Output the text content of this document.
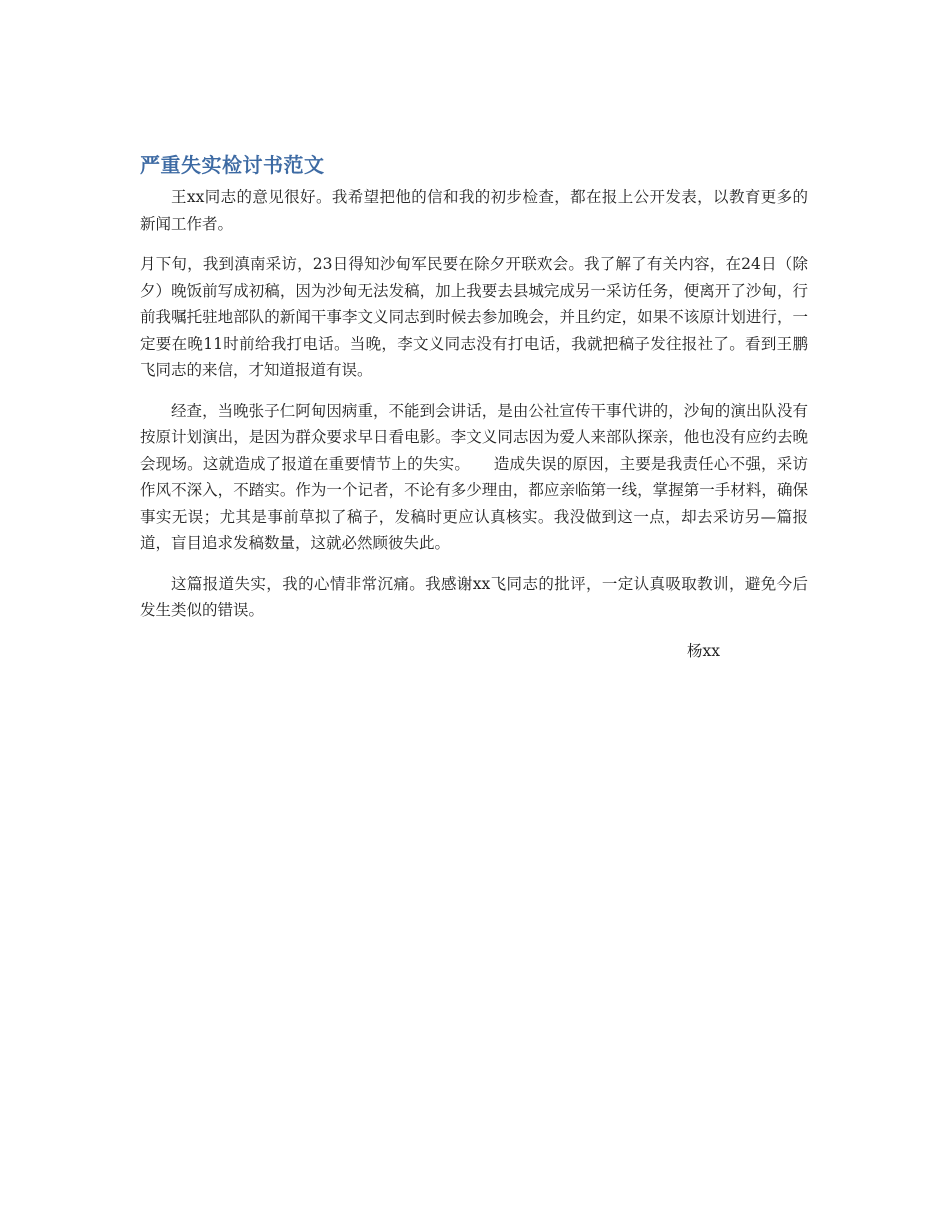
严重失实检讨书范文

王xx同志的意见很好。我希望把他的信和我的初步检查，都在报上公开发表，以教育更多的新闻工作者。

月下旬，我到滇南采访，23日得知沙甸军民要在除夕开联欢会。我了解了有关内容，在24日（除夕）晚饭前写成初稿，因为沙甸无法发稿，加上我要去县城完成另一采访任务，便离开了沙甸，行前我嘱托驻地部队的新闻干事李文义同志到时候去参加晚会，并且约定，如果不该原计划进行，一定要在晚11时前给我打电话。当晚，李文义同志没有打电话，我就把稿子发往报社了。看到王鹏飞同志的来信，才知道报道有误。

经查，当晚张子仁阿甸因病重，不能到会讲话，是由公社宣传干事代讲的，沙甸的演出队没有按原计划演出，是因为群众要求早日看电影。李文义同志因为爱人来部队探亲，他也没有应约去晚会现场。这就造成了报道在重要情节上的失实。　　造成失误的原因，主要是我责任心不强，采访作风不深入，不踏实。作为一个记者，不论有多少理由，都应亲临第一线，掌握第一手材料，确保事实无误；尤其是事前草拟了稿子，发稿时更应认真核实。我没做到这一点，却去采访另—篇报道，盲目追求发稿数量，这就必然顾彼失此。

这篇报道失实，我的心情非常沉痛。我感谢xx飞同志的批评，一定认真吸取教训，避免今后发生类似的错误。

杨xx
